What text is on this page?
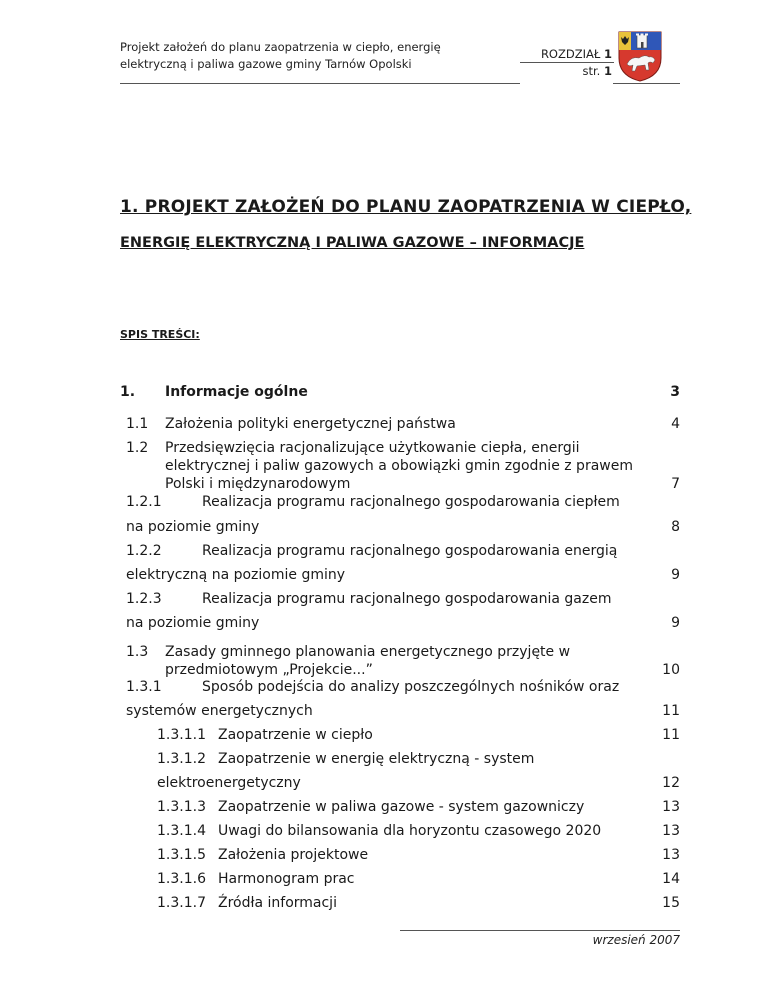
Projekt założeń do planu zaopatrzenia w ciepło, energię
elektryczną i paliwa gazowe gminy Tarnów Opolski
ROZDZIAŁ 1
str. 1
1. PROJEKT ZAŁOŻEŃ DO PLANU ZAOPATRZENIA W CIEPŁO,
ENERGIĘ ELEKTRYCZNĄ I PALIWA GAZOWE – INFORMACJE
SPIS TREŚCI:
1. Informacje ogólne	3
1.1 Założenia polityki energetycznej państwa	4
1.2 Przedsięwzięcia racjonalizujące użytkowanie ciepła, energii
elektrycznej i paliw gazowych a obowiązki gmin zgodnie z prawem
Polski i międzynarodowym	7
1.2.1	Realizacja programu racjonalnego gospodarowania ciepłem
na poziomie gminy	8
1.2.2	Realizacja programu racjonalnego gospodarowania energią
elektryczną na poziomie gminy	9
1.2.3	Realizacja programu racjonalnego gospodarowania gazem
na poziomie gminy	9
1.3 Zasady gminnego planowania energetycznego przyjęte w
przedmiotowym „Projekcie...”	10
1.3.1	Sposób podejścia do analizy poszczególnych nośników oraz
systemów energetycznych	11
1.3.1.1 Zaopatrzenie w ciepło	11
1.3.1.2 Zaopatrzenie w energię elektryczną - system
elektroenergetyczny	12
1.3.1.3 Zaopatrzenie w paliwa gazowe - system gazowniczy	13
1.3.1.4 Uwagi do bilansowania dla horyzontu czasowego 2020	13
1.3.1.5 Założenia projektowe	13
1.3.1.6 Harmonogram prac	14
1.3.1.7 Źródła informacji	15
wrzesień 2007
